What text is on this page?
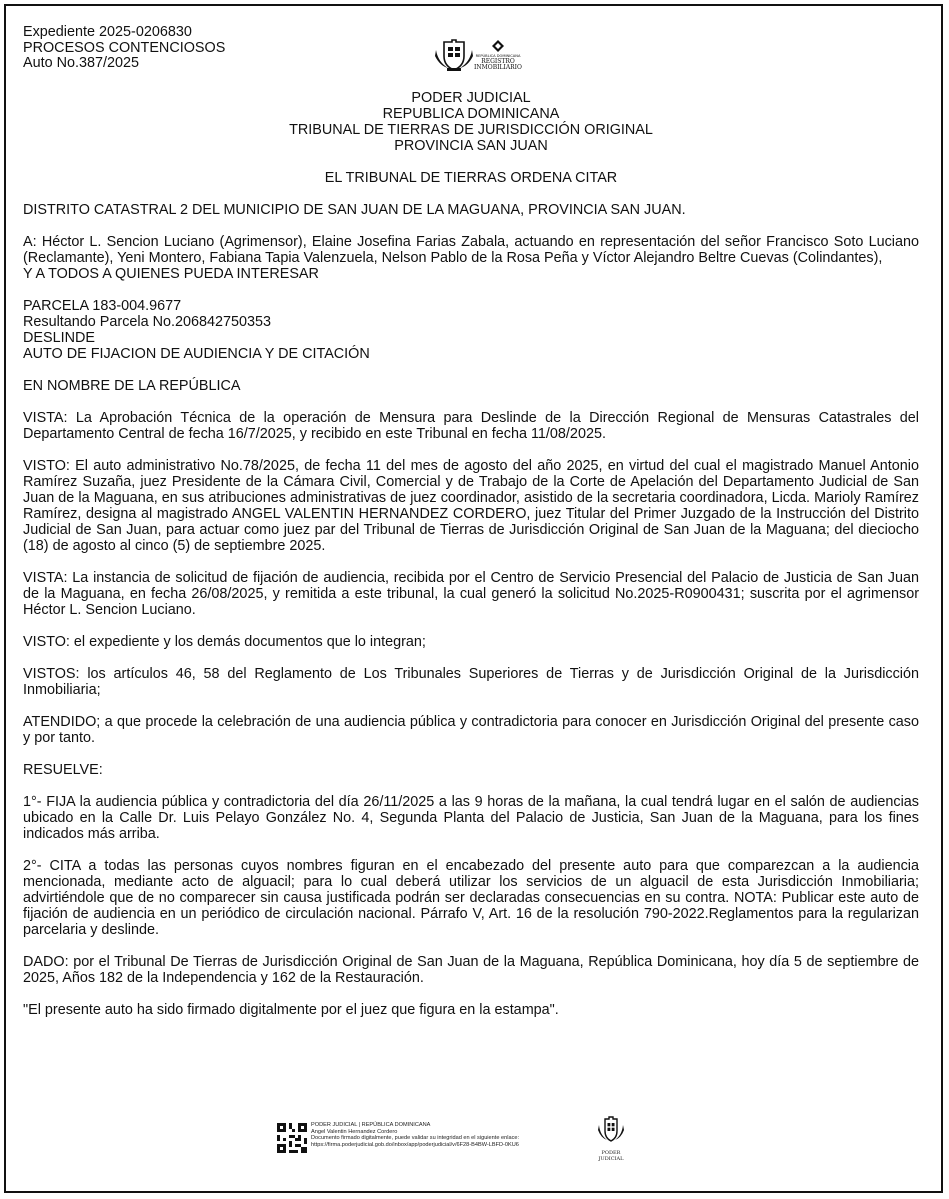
REPÚBLICA DOMINICANA
REGISTRO
INMOBILIARIO

Expediente 2025-0206830

PROCESOS CONTENCIOSOS

Auto No.387/2025

PODER JUDICIAL

REPUBLICA DOMINICANA

TRIBUNAL DE TIERRAS DE JURISDICCIÓN ORIGINAL

PROVINCIA SAN JUAN

EL TRIBUNAL DE TIERRAS ORDENA CITAR

DISTRITO CATASTRAL 2 DEL MUNICIPIO DE SAN JUAN DE LA MAGUANA, PROVINCIA SAN JUAN.

A: Héctor L. Sencion Luciano (Agrimensor), Elaine Josefina Farias Zabala, actuando en representación del señor Francisco Soto Luciano (Reclamante), Yeni Montero, Fabiana Tapia Valenzuela, Nelson Pablo de la Rosa Peña y Víctor Alejandro Beltre Cuevas (Colindantes),

Y A TODOS A QUIENES PUEDA INTERESAR

PARCELA 183-004.9677

Resultando Parcela No.206842750353

DESLINDE

AUTO DE FIJACION DE AUDIENCIA Y DE CITACIÓN

EN NOMBRE DE LA REPÚBLICA

VISTA: La Aprobación Técnica de la operación de Mensura para Deslinde de la Dirección Regional de Mensuras Catastrales del Departamento Central de fecha 16/7/2025, y recibido en este Tribunal en fecha 11/08/2025.

VISTO: El auto administrativo No.78/2025, de fecha 11 del mes de agosto del año 2025, en virtud del cual el magistrado Manuel Antonio Ramírez Suzaña, juez Presidente de la Cámara Civil, Comercial y de Trabajo de la Corte de Apelación del Departamento Judicial de San Juan de la Maguana, en sus atribuciones administrativas de juez coordinador, asistido de la secretaria coordinadora, Licda. Marioly Ramírez Ramírez, designa al magistrado ANGEL VALENTIN HERNANDEZ CORDERO, juez Titular del Primer Juzgado de la Instrucción del Distrito Judicial de San Juan, para actuar como juez par del Tribunal de Tierras de Jurisdicción Original de San Juan de la Maguana; del dieciocho (18) de agosto al cinco (5) de septiembre 2025.

VISTA: La instancia de solicitud de fijación de audiencia, recibida por el Centro de Servicio Presencial del Palacio de Justicia de San Juan de la Maguana, en fecha 26/08/2025, y remitida a este tribunal, la cual generó la solicitud No.2025-R0900431; suscrita por el agrimensor Héctor L. Sencion Luciano.

VISTO: el expediente y los demás documentos que lo integran;

VISTOS: los artículos 46, 58 del Reglamento de Los Tribunales Superiores de Tierras y de Jurisdicción Original de la Jurisdicción Inmobiliaria;

ATENDIDO; a que procede la celebración de una audiencia pública y contradictoria para conocer en Jurisdicción Original del presente caso y por tanto.

RESUELVE:

1°- FIJA la audiencia pública y contradictoria del día 26/11/2025 a las 9 horas de la mañana, la cual tendrá lugar en el salón de audiencias ubicado en la Calle Dr. Luis Pelayo González No. 4, Segunda Planta del Palacio de Justicia, San Juan de la Maguana, para los fines indicados más arriba.

2°- CITA a todas las personas cuyos nombres figuran en el encabezado del presente auto para que comparezcan a la audiencia mencionada, mediante acto de alguacil; para lo cual deberá utilizar los servicios de un alguacil de esta Jurisdicción Inmobiliaria; advirtiéndole que de no comparecer sin causa justificada podrán ser declaradas consecuencias en su contra. NOTA: Publicar este auto de fijación de audiencia en un periódico de circulación nacional. Párrafo V, Art. 16 de la resolución 790-2022.Reglamentos para la regularizan parcelaria y deslinde.

DADO: por el Tribunal De Tierras de Jurisdicción Original de San Juan de la Maguana, República Dominicana, hoy día 5 de septiembre de 2025, Años 182 de la Independencia y 162 de la Restauración.

"El presente auto ha sido firmado digitalmente por el juez que figura en la estampa".

PODER JUDICIAL | REPÚBLICA DOMINICANA
Angel Valentin Hernandez Cordero
Documento firmado digitalmente, puede validar su integridad en el siguiente enlace:
https://firma.poderjudicial.gob.do/inbox/app/poderjudicial/v/6F28-B4BW-LBFD-0KU6
PODER JUDICIAL
